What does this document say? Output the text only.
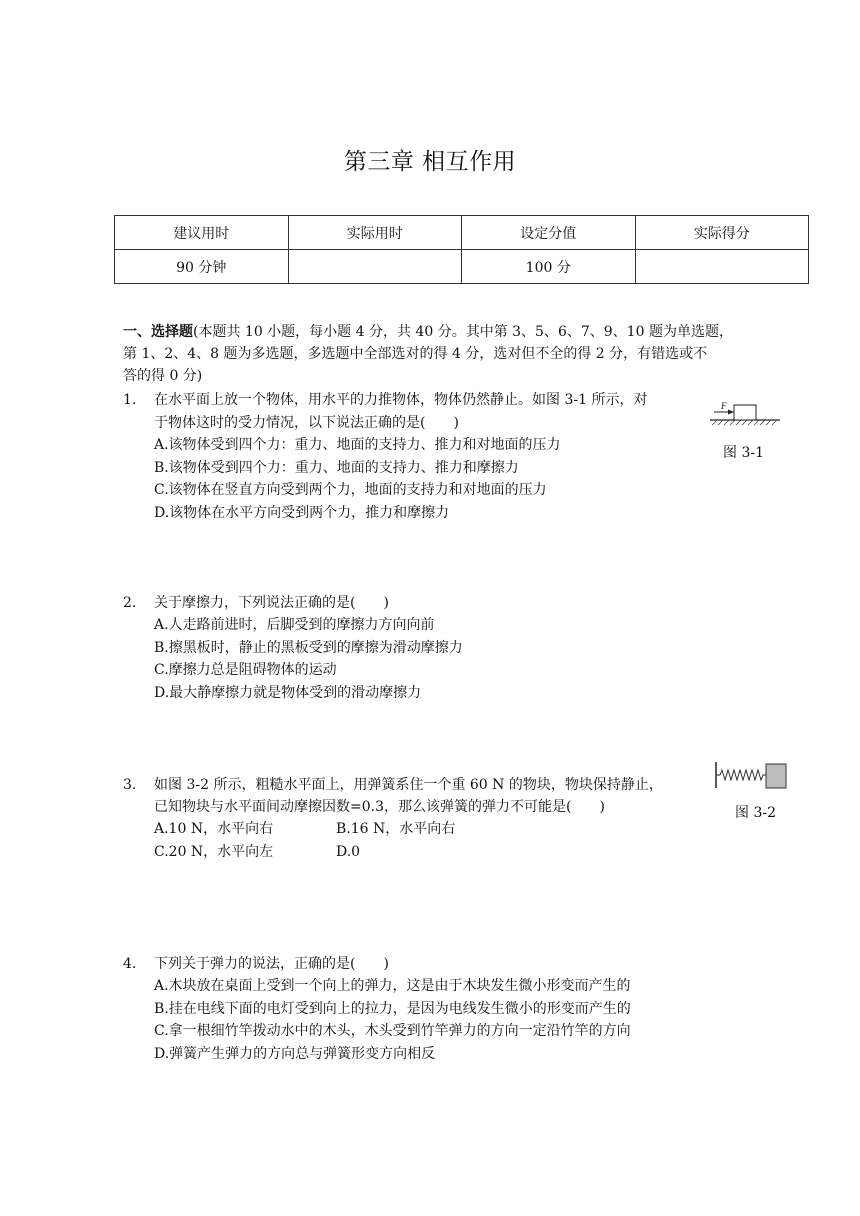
第三章 相互作用
建议用时	实际用时	设定分值	实际得分
90 分钟		100 分	
一、选择题(本题共 10 小题，每小题 4 分，共 40 分。其中第 3、5、6、7、9、10 题为单选题，
第 1、2、4、8 题为多选题，多选题中全部选对的得 4 分，选对但不全的得 2 分，有错选或不
答的得 0 分)
1. 在水平面上放一个物体，用水平的力推物体，物体仍然静止。如图 3-1 所示，对
于物体这时的受力情况，以下说法正确的是(　　)
A.该物体受到四个力：重力、地面的支持力、推力和对地面的压力
B.该物体受到四个力：重力、地面的支持力、推力和摩擦力
C.该物体在竖直方向受到两个力，地面的支持力和对地面的压力
D.该物体在水平方向受到两个力，推力和摩擦力
F
图 3-1
2. 关于摩擦力，下列说法正确的是(　　)
A.人走路前进时，后脚受到的摩擦力方向向前
B.擦黑板时，静止的黑板受到的摩擦为滑动摩擦力
C.摩擦力总是阻碍物体的运动
D.最大静摩擦力就是物体受到的滑动摩擦力
3. 如图 3-2 所示，粗糙水平面上，用弹簧系住一个重 60 N 的物块，物块保持静止，
已知物块与水平面间动摩擦因数=0.3，那么该弹簧的弹力不可能是(　　)
A.10 N，水平向右	B.16 N，水平向右
C.20 N，水平向左	D.0
图 3-2
4. 下列关于弹力的说法，正确的是(　　)
A.木块放在桌面上受到一个向上的弹力，这是由于木块发生微小形变而产生的
B.挂在电线下面的电灯受到向上的拉力，是因为电线发生微小的形变而产生的
C.拿一根细竹竿拨动水中的木头，木头受到竹竿弹力的方向一定沿竹竿的方向
D.弹簧产生弹力的方向总与弹簧形变方向相反
